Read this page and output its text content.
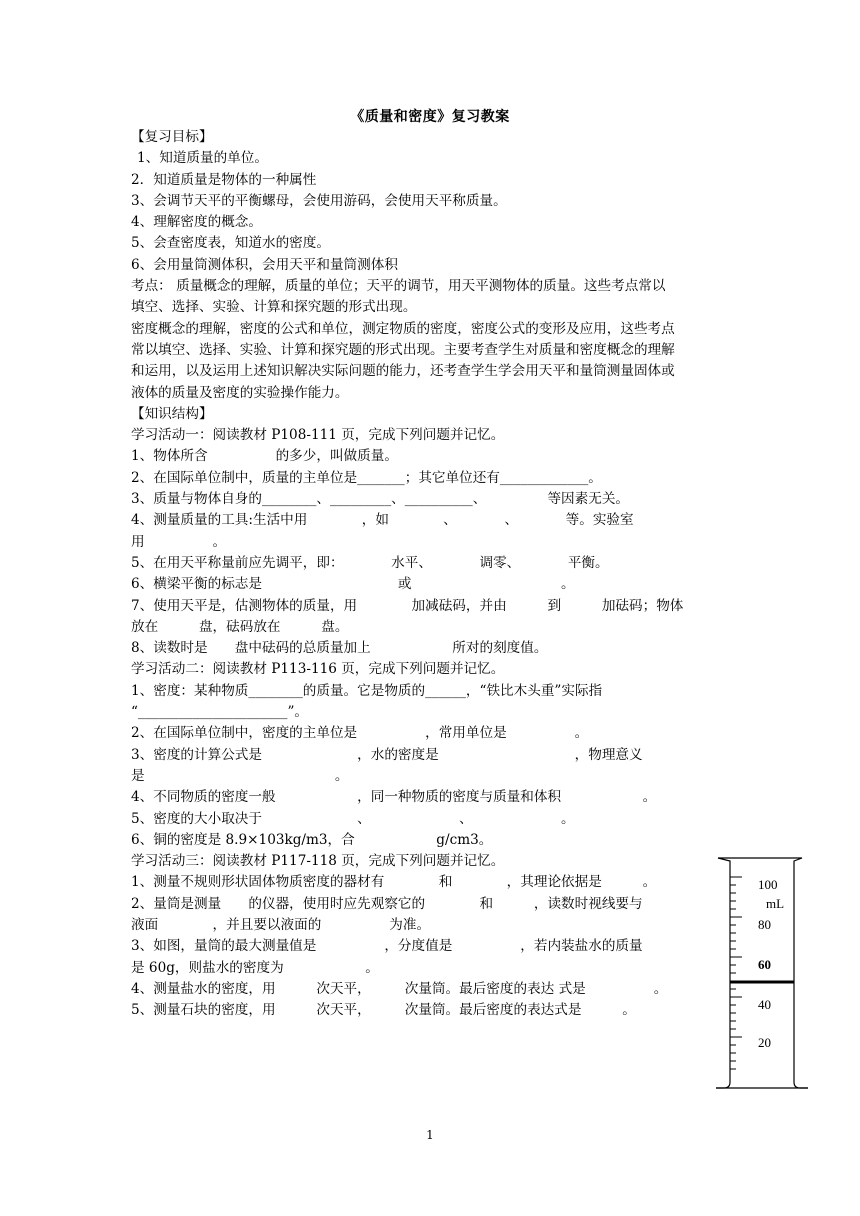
《质量和密度》复习教案

【复习目标】

1、知道质量的单位。

2．知道质量是物体的一种属性

3、会调节天平的平衡螺母，会使用游码，会使用天平称质量。

4、理解密度的概念。

5、会查密度表，知道水的密度。

6、会用量筒测体积，会用天平和量筒测体积

考点： 质量概念的理解，质量的单位；天平的调节，用天平测物体的质量。这些考点常以

填空、选择、实验、计算和探究题的形式出现。

密度概念的理解，密度的公式和单位，测定物质的密度，密度公式的变形及应用，这些考点

常以填空、选择、实验、计算和探究题的形式出现。主要考查学生对质量和密度概念的理解

和运用，以及运用上述知识解决实际问题的能力，还考查学生学会用天平和量筒测量固体或

液体的质量及密度的实验操作能力。

【知识结构】

学习活动一：阅读教材 P108-111 页，完成下列问题并记忆。

1、物体所含　　　　　的多少，叫做质量。

2、在国际单位制中，质量的主单位是_______；其它单位还有_____________。

3、质量与物体自身的________、_________、__________、　　　　　等因素无关。

4、测量质量的工具:生活中用　　　　，如　　　　、　　　　、　　　　等。实验室

用　　　　　。

5、在用天平称量前应先调平，即：　　　　水平、　　　　调零、　　　　平衡。

6、横梁平衡的标志是　　　　　　　　　　或　　　　　　　　　　　。

7、使用天平是，估测物体的质量，用　　　　加减砝码，并由　　　到　　　加砝码；物体

放在　　　盘，砝码放在　　　盘。

8、读数时是　　盘中砝码的总质量加上　　　　　　所对的刻度值。

学习活动二：阅读教材 P113-116 页，完成下列问题并记忆。

1、密度：某种物质________的质量。它是物质的______，“铁比木头重”实际指

“______________________”。

2、在国际单位制中，密度的主单位是　　　　　，常用单位是　　　　　。

3、密度的计算公式是　　　　　　　，水的密度是　　　　　　　　　　，物理意义

是　　　　　　　　　　　　　　。

4、不同物质的密度一般　　　　　　，同一种物质的密度与质量和体积　　　　　　。

5、密度的大小取决于　　　　　　　、　　　　　　　、　　　　　　　。

6、铜的密度是 8.9×103kg/m3，合　　　　　　g/cm3。

学习活动三：阅读教材 P117-118 页，完成下列问题并记忆。

1、测量不规则形状固体物质密度的器材有　　　　和　　　　，其理论依据是　　　。

2、量筒是测量　　的仪器，使用时应先观察它的　　　　和　　　，读数时视线要与

液面　　　　，并且要以液面的　　　　　为准。

3、如图，量筒的最大测量值是　　　　　，分度值是　　　　　，若内装盐水的质量

是 60g，则盐水的密度为　　　　　　。

4、测量盐水的密度，用　　　次天平，　　　次量筒。最后密度的表达 式是　　　　　。

5、测量石块的密度，用　　　次天平，　　　次量筒。最后密度的表达式是　　　。

100
mL
80
60
40
20
1
